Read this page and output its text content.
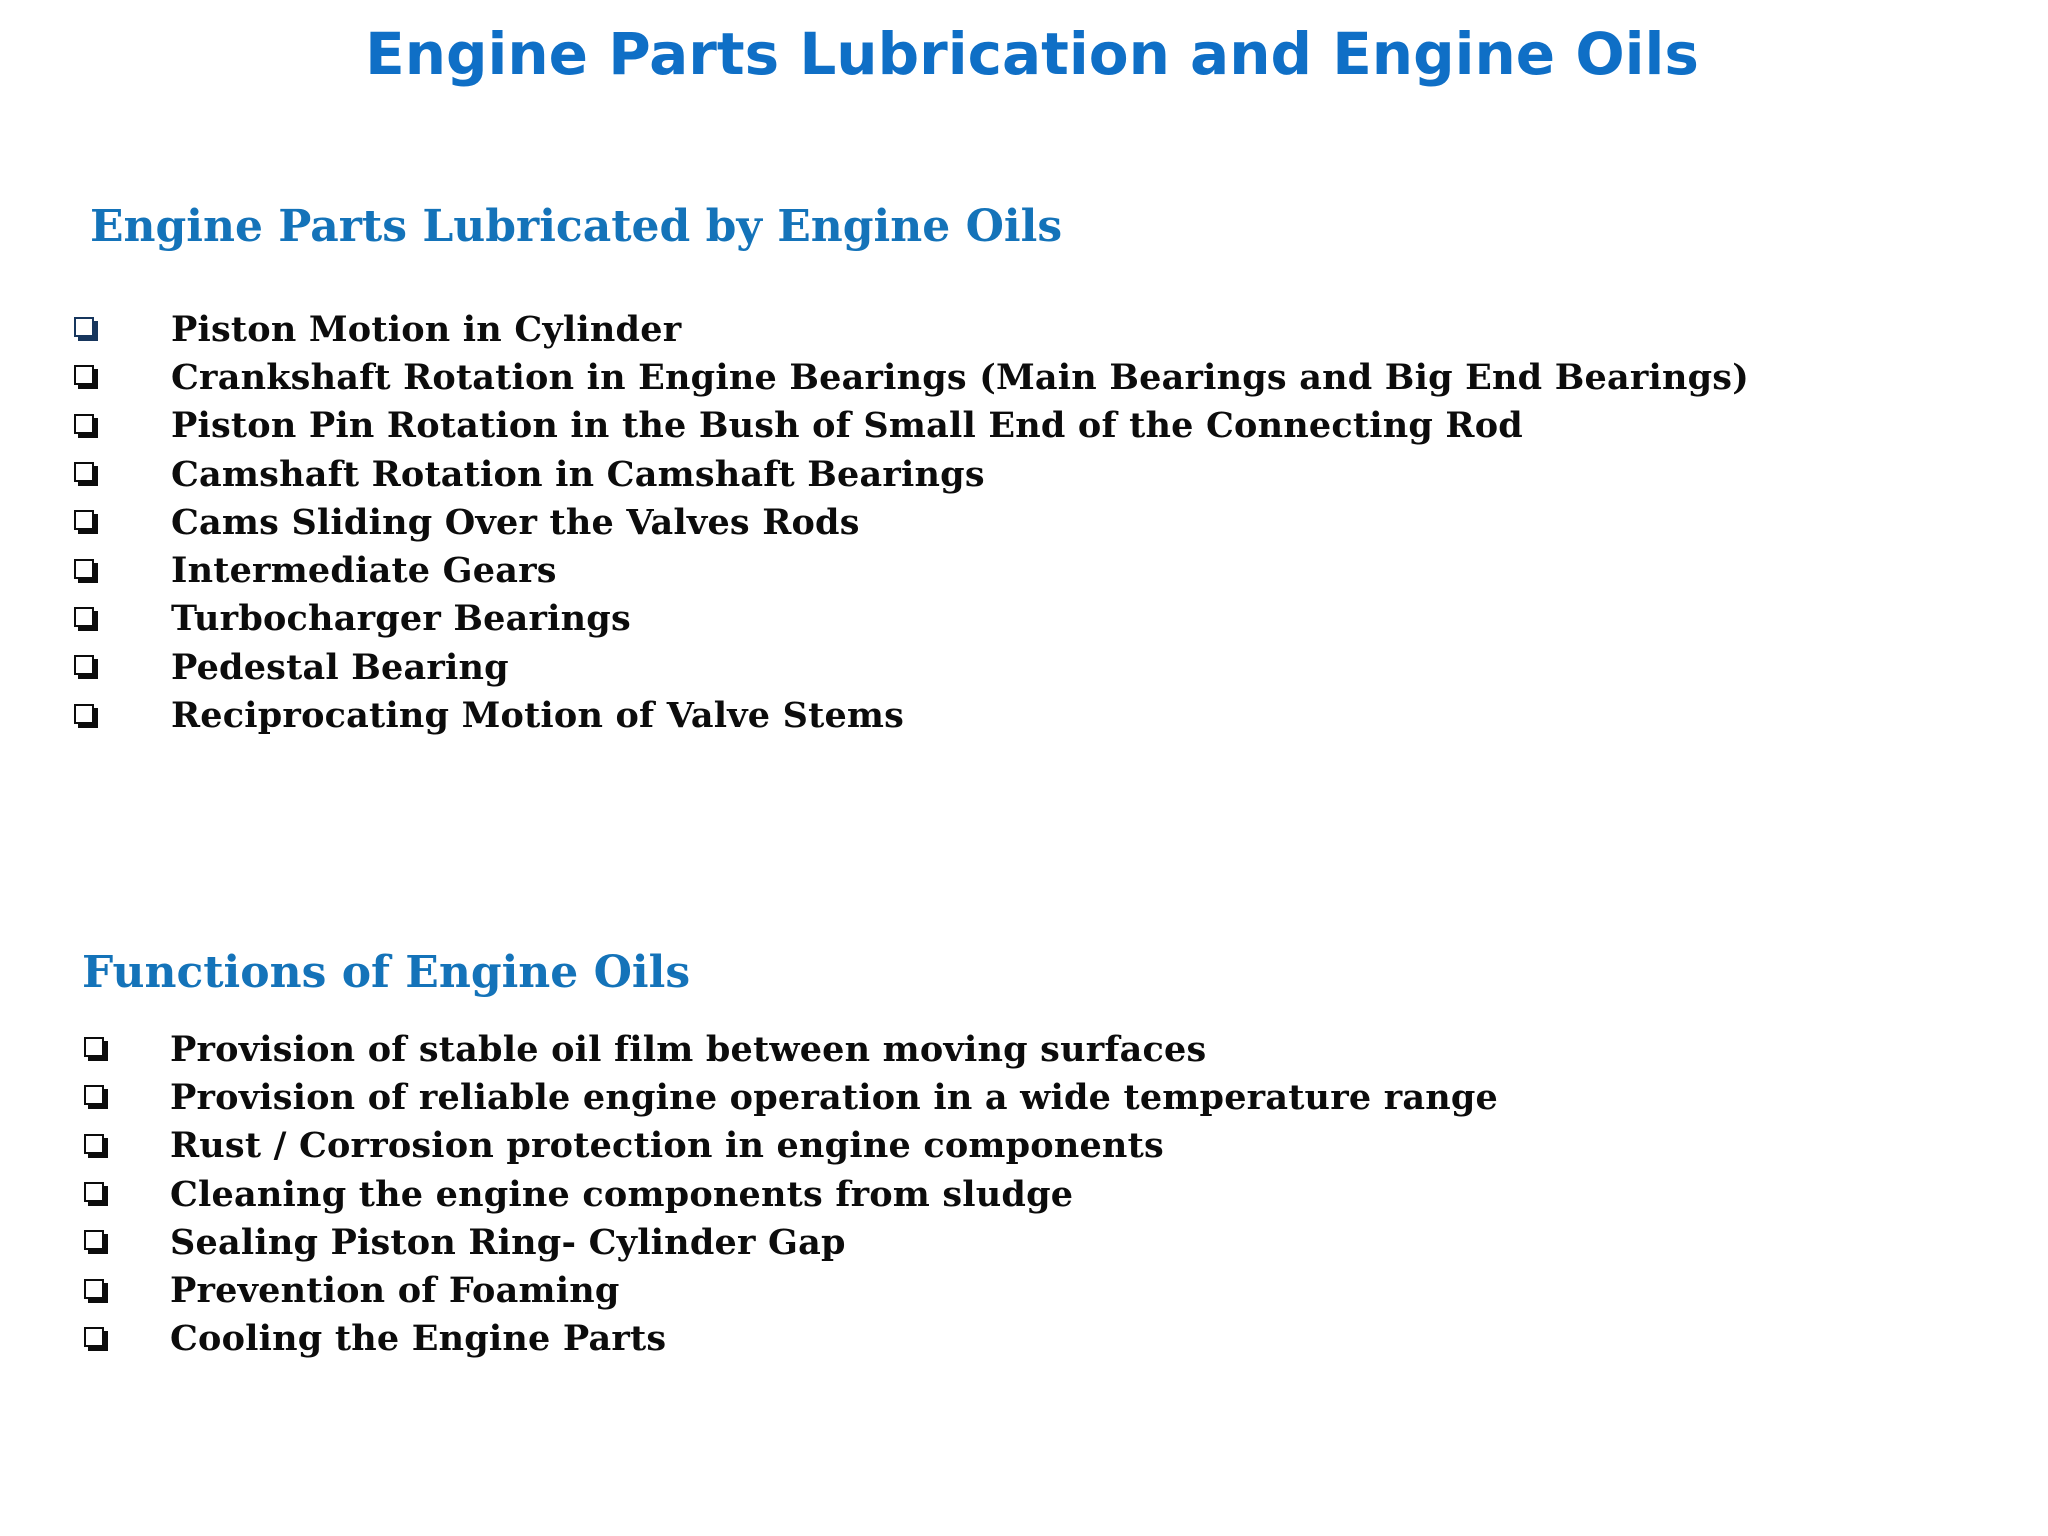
Engine Parts Lubrication and Engine Oils
Engine Parts Lubricated by Engine Oils
Piston Motion in Cylinder
Crankshaft Rotation in Engine Bearings (Main Bearings and Big End Bearings)
Piston Pin Rotation in the Bush of Small End of the Connecting Rod
Camshaft Rotation in Camshaft Bearings
Cams Sliding Over the Valves Rods
Intermediate Gears
Turbocharger Bearings
Pedestal Bearing
Reciprocating Motion of Valve Stems
Functions of Engine Oils
Provision of stable oil film between moving surfaces
Provision of reliable engine operation in a wide temperature range
Rust / Corrosion protection in engine components
Cleaning the engine components from sludge
Sealing Piston Ring- Cylinder Gap
Prevention of Foaming
Cooling the Engine Parts
